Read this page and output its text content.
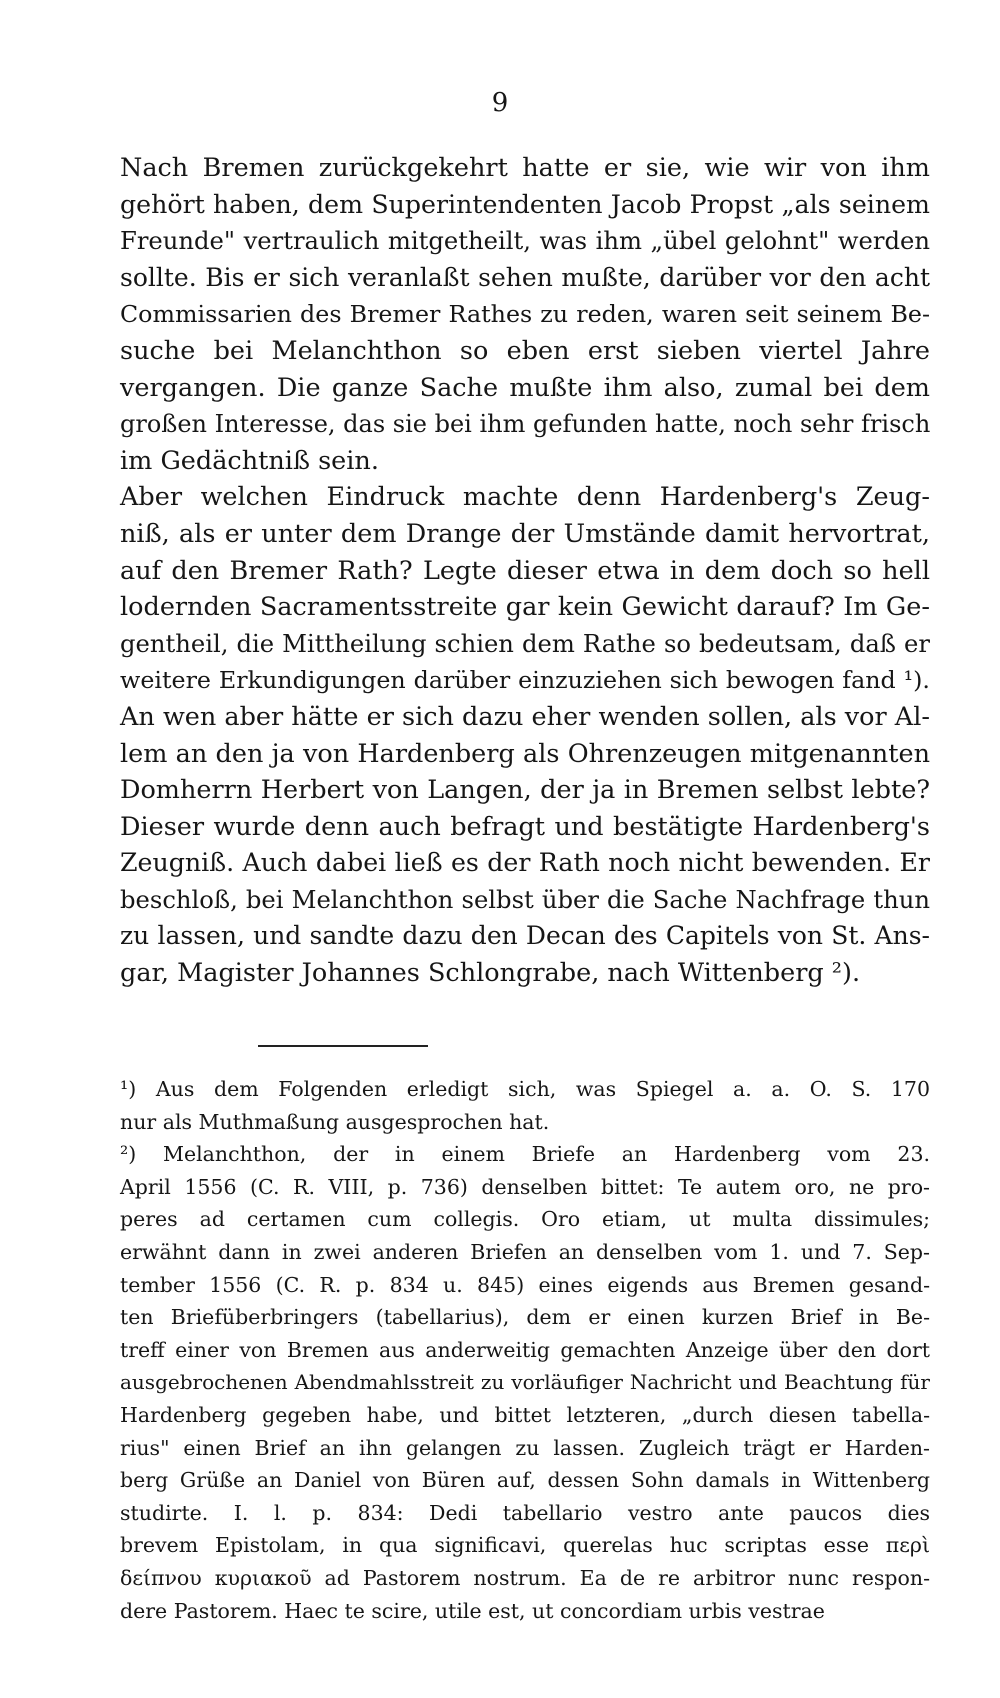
9
Nach Bremen zurückgekehrt hatte er sie, wie wir von ihm
gehört haben, dem Superintendenten Jacob Propst „als seinem
Freunde" vertraulich mitgetheilt, was ihm „übel gelohnt" werden
sollte. Bis er sich veranlaßt sehen mußte, darüber vor den acht
Commissarien des Bremer Rathes zu reden, waren seit seinem Be-
suche bei Melanchthon so eben erst sieben viertel Jahre
vergangen. Die ganze Sache mußte ihm also, zumal bei dem
großen Interesse, das sie bei ihm gefunden hatte, noch sehr frisch
im Gedächtniß sein.
Aber welchen Eindruck machte denn Hardenberg's Zeug-
niß, als er unter dem Drange der Umstände damit hervortrat,
auf den Bremer Rath? Legte dieser etwa in dem doch so hell
lodernden Sacramentsstreite gar kein Gewicht darauf? Im Ge-
gentheil, die Mittheilung schien dem Rathe so bedeutsam, daß er
weitere Erkundigungen darüber einzuziehen sich bewogen fand ¹).
An wen aber hätte er sich dazu eher wenden sollen, als vor Al-
lem an den ja von Hardenberg als Ohrenzeugen mitgenannten
Domherrn Herbert von Langen, der ja in Bremen selbst lebte?
Dieser wurde denn auch befragt und bestätigte Hardenberg's
Zeugniß. Auch dabei ließ es der Rath noch nicht bewenden. Er
beschloß, bei Melanchthon selbst über die Sache Nachfrage thun
zu lassen, und sandte dazu den Decan des Capitels von St. Ans-
gar, Magister Johannes Schlongrabe, nach Wittenberg ²).
¹) Aus dem Folgenden erledigt sich, was Spiegel a. a. O. S. 170
nur als Muthmaßung ausgesprochen hat.
²) Melanchthon, der in einem Briefe an Hardenberg vom 23.
April 1556 (C. R. VIII, p. 736) denselben bittet: Te autem oro, ne pro-
peres ad certamen cum collegis. Oro etiam, ut multa dissimules;
erwähnt dann in zwei anderen Briefen an denselben vom 1. und 7. Sep-
tember 1556 (C. R. p. 834 u. 845) eines eigends aus Bremen gesand-
ten Briefüberbringers (tabellarius), dem er einen kurzen Brief in Be-
treff einer von Bremen aus anderweitig gemachten Anzeige über den dort
ausgebrochenen Abendmahlsstreit zu vorläufiger Nachricht und Beachtung für
Hardenberg gegeben habe, und bittet letzteren, „durch diesen tabella-
rius" einen Brief an ihn gelangen zu lassen. Zugleich trägt er Harden-
berg Grüße an Daniel von Büren auf, dessen Sohn damals in Wittenberg
studirte. I. l. p. 834: Dedi tabellario vestro ante paucos dies
brevem Epistolam, in qua significavi, querelas huc scriptas esse περὶ
δείπνου κυριακοῦ ad Pastorem nostrum. Ea de re arbitror nunc respon-
dere Pastorem. Haec te scire, utile est, ut concordiam urbis vestrae
